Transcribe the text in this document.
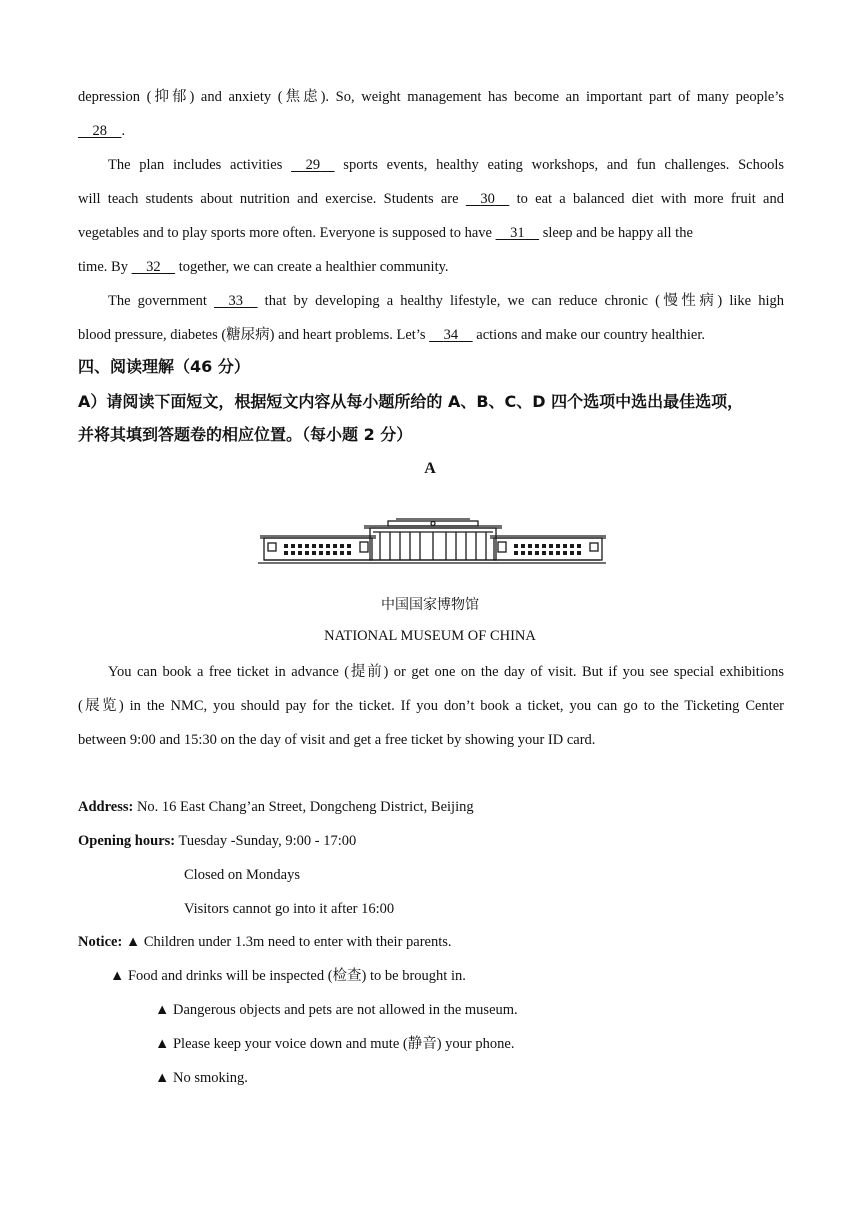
depression (抑郁) and anxiety (焦虑). So, weight management has become an important part of many people’s
28 .
The plan includes activities     29     sports events, healthy eating workshops, and fun challenges. Schools
will teach students about nutrition and exercise. Students are     30     to eat a balanced diet with more fruit and
vegetables and to play sports more often. Everyone is supposed to have     31     sleep and be happy all the
time. By     32     together, we can create a healthier community.
The government     33     that by developing a healthy lifestyle, we can reduce chronic (慢性病) like high
blood pressure, diabetes (糖尿病) and heart problems. Let’s     34     actions and make our country healthier.
四、阅读理解（46 分）
A）请阅读下面短文，根据短文内容从每小题所给的 A、B、C、D 四个选项中选出最佳选项，
并将其填到答题卷的相应位置。（每小题 2 分）
A
中国国家博物馆
NATIONAL MUSEUM OF CHINA
You can book a free ticket in advance (提前) or get one on the day of visit. But if you see special exhibitions
(展览) in the NMC, you should pay for the ticket. If you don’t book a ticket, you can go to the Ticketing Center
between 9:00 and 15:30 on the day of visit and get a free ticket by showing your ID card.
Address: No. 16 East Chang’an Street, Dongcheng District, Beijing
Opening hours: Tuesday -Sunday, 9:00 - 17:00
Closed on Mondays
Visitors cannot go into it after 16:00
Notice: ▲ Children under 1.3m need to enter with their parents.
▲ Food and drinks will be inspected (检查) to be brought in.
▲ Dangerous objects and pets are not allowed in the museum.
▲ Please keep your voice down and mute (静音) your phone.
▲ No smoking.
